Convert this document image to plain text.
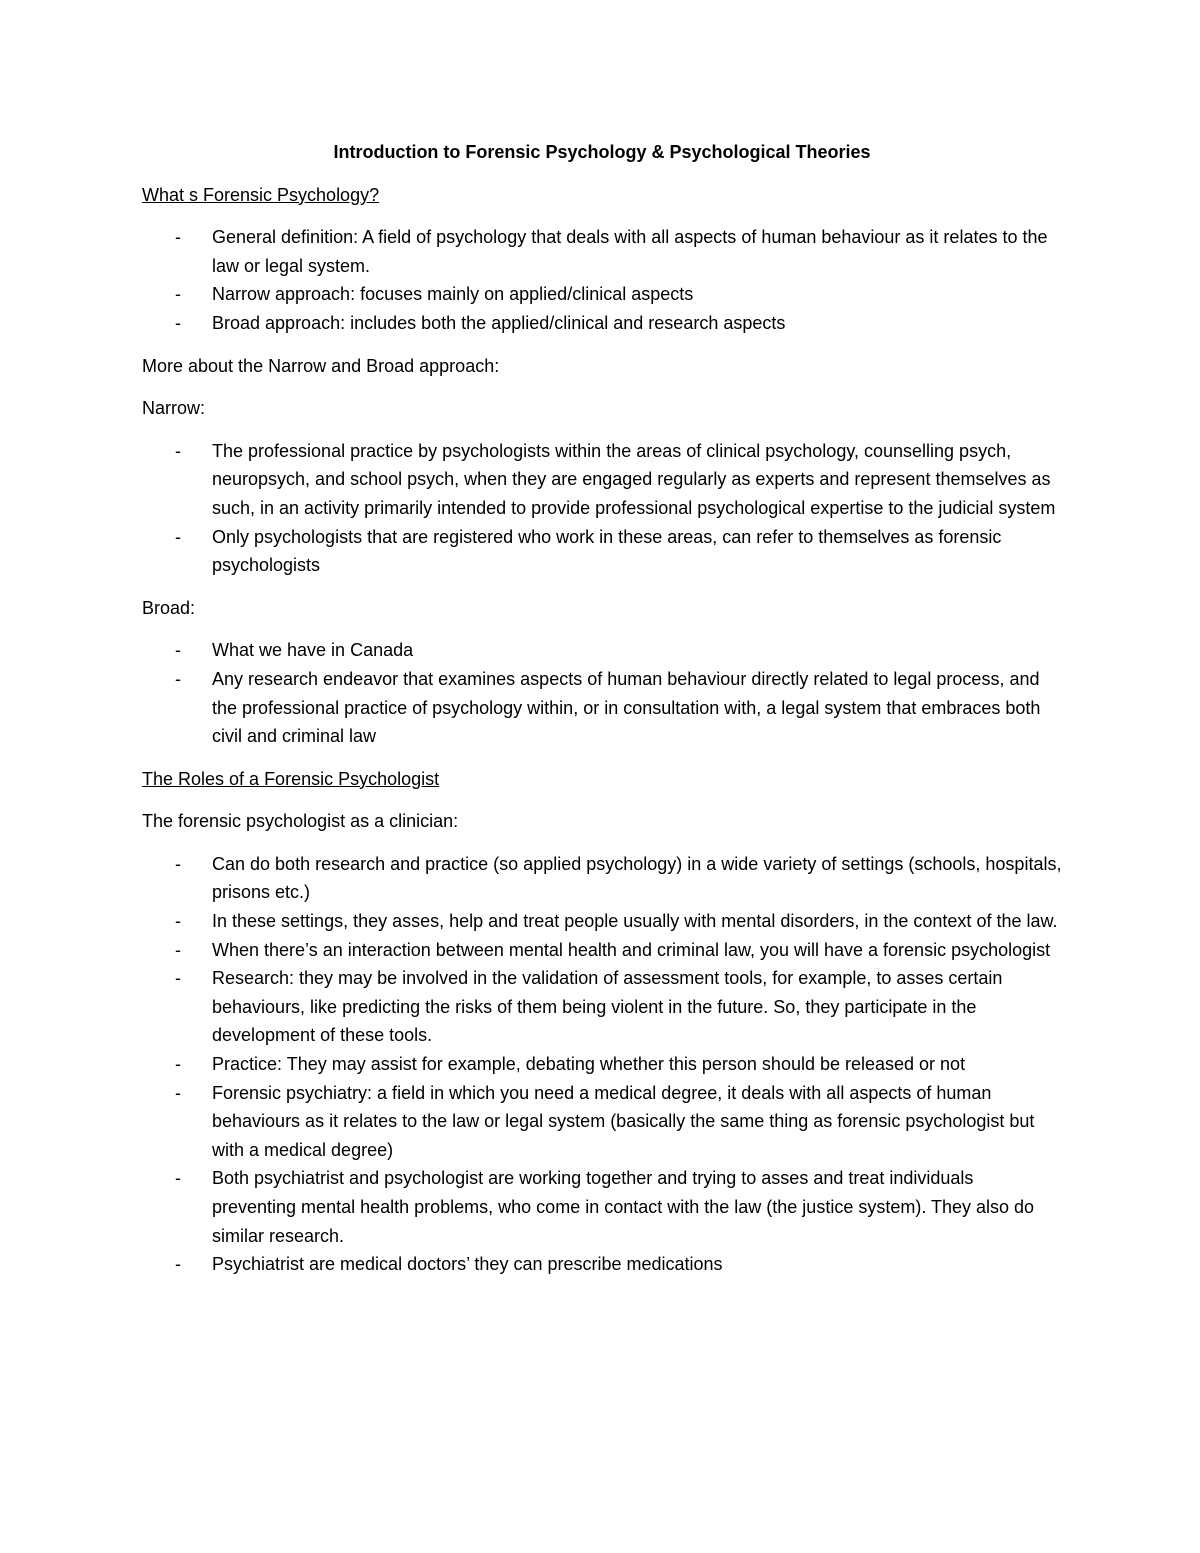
Introduction to Forensic Psychology & Psychological Theories
What s Forensic Psychology?
- General definition: A field of psychology that deals with all aspects of human behaviour as it relates to the law or legal system.
- Narrow approach: focuses mainly on applied/clinical aspects
- Broad approach: includes both the applied/clinical and research aspects
More about the Narrow and Broad approach:
Narrow:
- The professional practice by psychologists within the areas of clinical psychology, counselling psych, neuropsych, and school psych, when they are engaged regularly as experts and represent themselves as such, in an activity primarily intended to provide professional psychological expertise to the judicial system
- Only psychologists that are registered who work in these areas, can refer to themselves as forensic psychologists
Broad:
- What we have in Canada
- Any research endeavor that examines aspects of human behaviour directly related to legal process, and the professional practice of psychology within, or in consultation with, a legal system that embraces both civil and criminal law
The Roles of a Forensic Psychologist
The forensic psychologist as a clinician:
- Can do both research and practice (so applied psychology) in a wide variety of settings (schools, hospitals, prisons etc.)
- In these settings, they asses, help and treat people usually with mental disorders, in the context of the law.
- When there’s an interaction between mental health and criminal law, you will have a forensic psychologist
- Research: they may be involved in the validation of assessment tools, for example, to asses certain behaviours, like predicting the risks of them being violent in the future. So, they participate in the development of these tools.
- Practice: They may assist for example, debating whether this person should be released or not
- Forensic psychiatry: a field in which you need a medical degree, it deals with all aspects of human behaviours as it relates to the law or legal system (basically the same thing as forensic psychologist but with a medical degree)
- Both psychiatrist and psychologist are working together and trying to asses and treat individuals preventing mental health problems, who come in contact with the law (the justice system). They also do similar research.
- Psychiatrist are medical doctors’ they can prescribe medications
